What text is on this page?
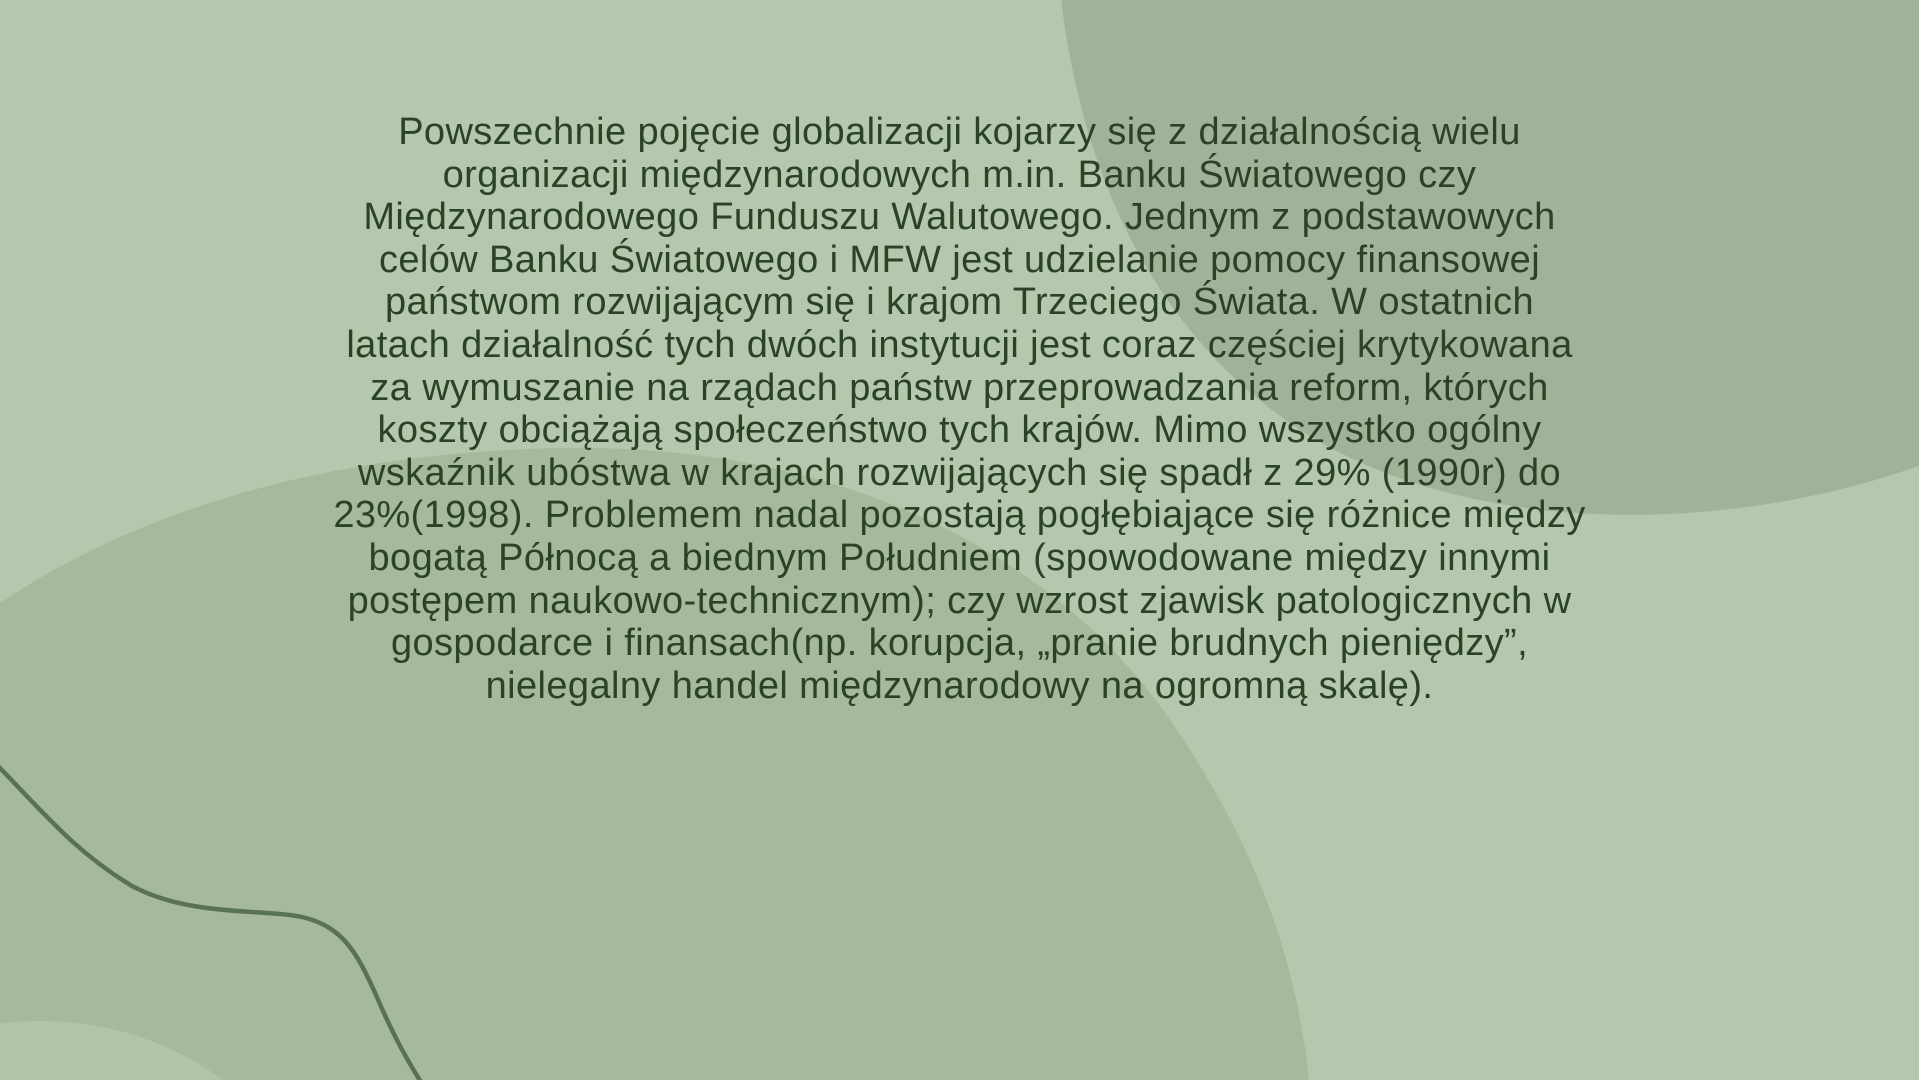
Powszechnie pojęcie globalizacji kojarzy się z działalnością wielu
organizacji międzynarodowych m.in. Banku Światowego czy
Międzynarodowego Funduszu Walutowego. Jednym z podstawowych
celów Banku Światowego i MFW jest udzielanie pomocy finansowej
państwom rozwijającym się i krajom Trzeciego Świata. W ostatnich
latach działalność tych dwóch instytucji jest coraz częściej krytykowana
za wymuszanie na rządach państw przeprowadzania reform, których
koszty obciążają społeczeństwo tych krajów. Mimo wszystko ogólny
wskaźnik ubóstwa w krajach rozwijających się spadł z 29% (1990r) do
23%(1998). Problemem nadal pozostają pogłębiające się różnice między
bogatą Północą a biednym Południem (spowodowane między innymi
postępem naukowo-technicznym); czy wzrost zjawisk patologicznych w
gospodarce i finansach(np. korupcja, „pranie brudnych pieniędzy”,
nielegalny handel międzynarodowy na ogromną skalę).
